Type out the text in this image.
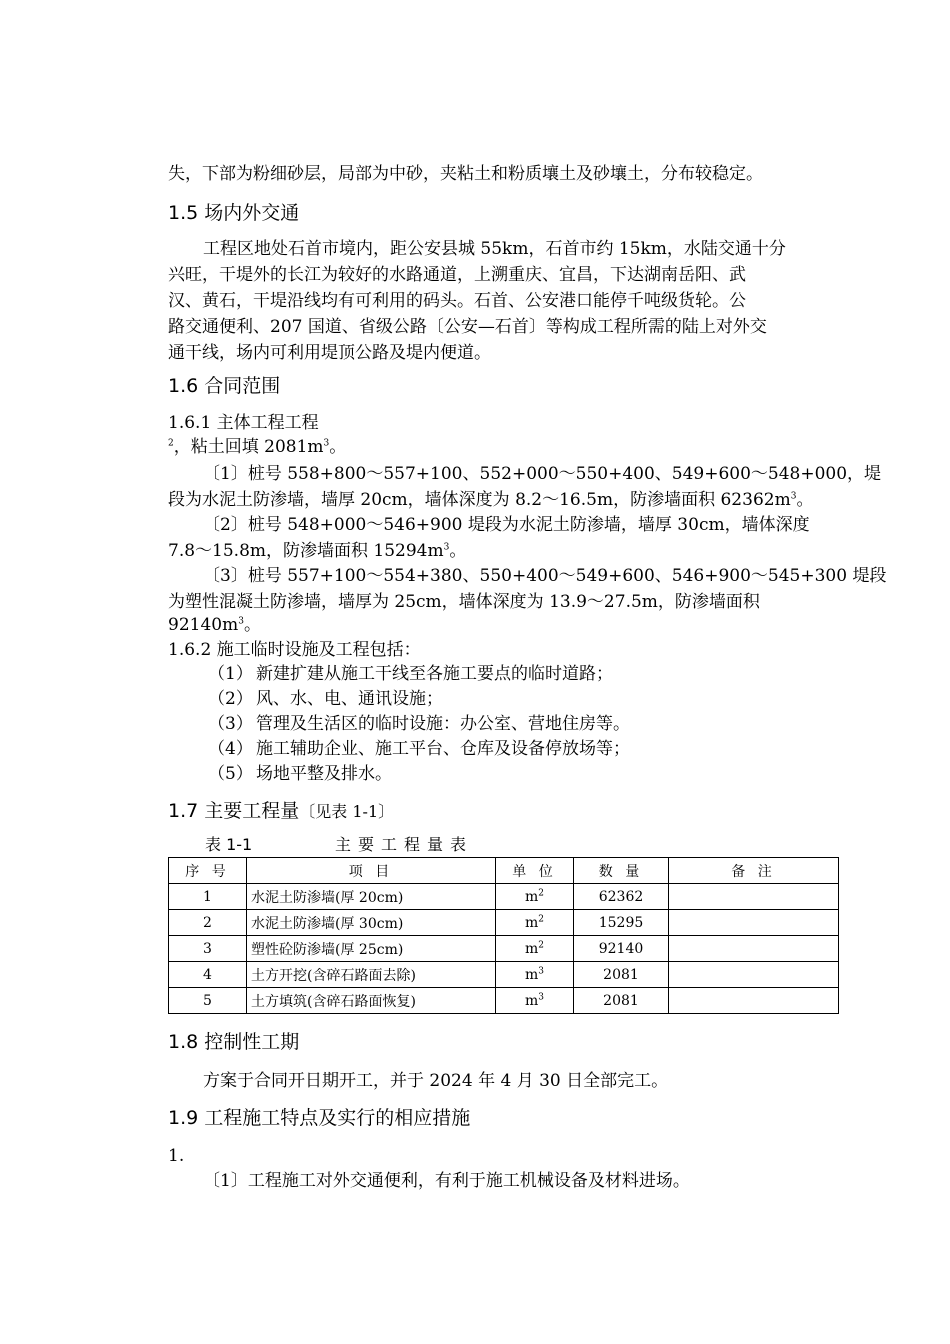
失，下部为粉细砂层，局部为中砂，夹粘土和粉质壤土及砂壤土，分布较稳定。
1.5 场内外交通
工程区地处石首市境内，距公安县城 55km，石首市约 15km，水陆交通十分
兴旺，干堤外的长江为较好的水路通道，上溯重庆、宜昌，下达湖南岳阳、武
汉、黄石，干堤沿线均有可利用的码头。石首、公安港口能停千吨级货轮。公
路交通便利、207 国道、省级公路〔公安—石首〕等构成工程所需的陆上对外交
通干线，场内可利用堤顶公路及堤内便道。
1.6 合同范围
1.6.1 主体工程工程
$^2$，粘土回填 $2081m^3$。
〔1〕桩号 558+800～557+100、552+000～550+400、549+600～548+000，堤
段为水泥土防渗墙，墙厚 20cm，墙体深度为 8.2～16.5m，防渗墙面积 $62362m^3$。
〔2〕桩号 548+000～546+900 堤段为水泥土防渗墙，墙厚 30cm，墙体深度
7.8～15.8m，防渗墙面积 $15294m^3$。
〔3〕桩号 557+100～554+380、550+400～549+600、546+900～545+300 堤段
为塑性混凝土防渗墙，墙厚为 25cm，墙体深度为 13.9～27.5m，防渗墙面积
$92140m^3$。
1.6.2 施工临时设施及工程包括：
（1） 新建扩建从施工干线至各施工要点的临时道路；
（2） 风、水、电、通讯设施；
（3） 管理及生活区的临时设施：办公室、营地住房等。
（4） 施工辅助企业、施工平台、仓库及设备停放场等；
（5） 场地平整及排水。
1.7 主要工程量〔见表 1-1〕
表 1-1	主要工程量表
序 号	项 目	单 位	数 量	备 注
1	水泥土防渗墙(厚 20cm)	$m^2$	62362	
2	水泥土防渗墙(厚 30cm)	$m^2$	15295	
3	塑性砼防渗墙(厚 25cm)	$m^2$	92140	
4	土方开挖(含碎石路面去除)	$m^3$	2081	
5	土方填筑(含碎石路面恢复)	$m^3$	2081	
1.8 控制性工期
方案于合同开日期开工，并于 2024 年 4 月 30 日全部完工。
1.9 工程施工特点及实行的相应措施
1.
〔1〕工程施工对外交通便利，有利于施工机械设备及材料进场。
